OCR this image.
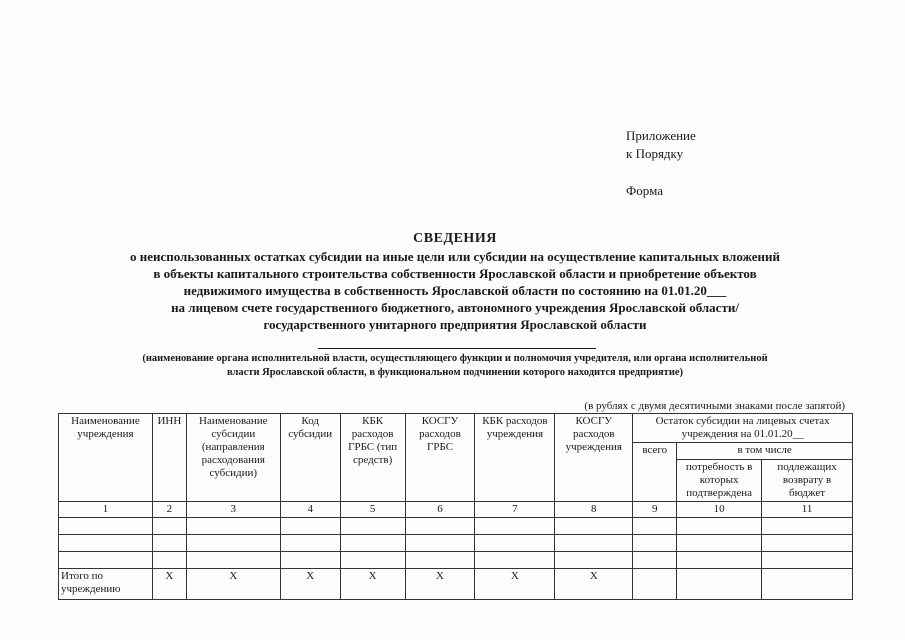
Приложение
к Порядку
Форма
СВЕДЕНИЯ
о неиспользованных остатках субсидии на иные цели или субсидии на осуществление капитальных вложений
в объекты капитального строительства собственности Ярославской области и приобретение объектов
недвижимого имущества в собственность Ярославской области по состоянию на 01.01.20___
на лицевом счете государственного бюджетного, автономного учреждения Ярославской области/
государственного унитарного предприятия Ярославской области
(наименование органа исполнительной власти, осуществляющего функции и полномочия учредителя, или органа исполнительной
власти Ярославской области, в функциональном подчинении которого находится предприятие)
(в рублях с двумя десятичными знаками после запятой)
Наименование учреждения	ИНН	Наименование субсидии (направления расходования субсидии)	Код субсидии	КБК расходов ГРБС (тип средств)	КОСГУ расходов ГРБС	КБК расходов учреждения	КОСГУ расходов учреждения	Остаток субсидии на лицевых счетах учреждения на 01.01.20__		
								всего	в том числе	
									потребность в которых подтверждена	подлежащих возврату в бюджет
1	2	3	4	5	6	7	8	9	10	11

Итого по учреждению	X	X	X	X	X	X	X			
